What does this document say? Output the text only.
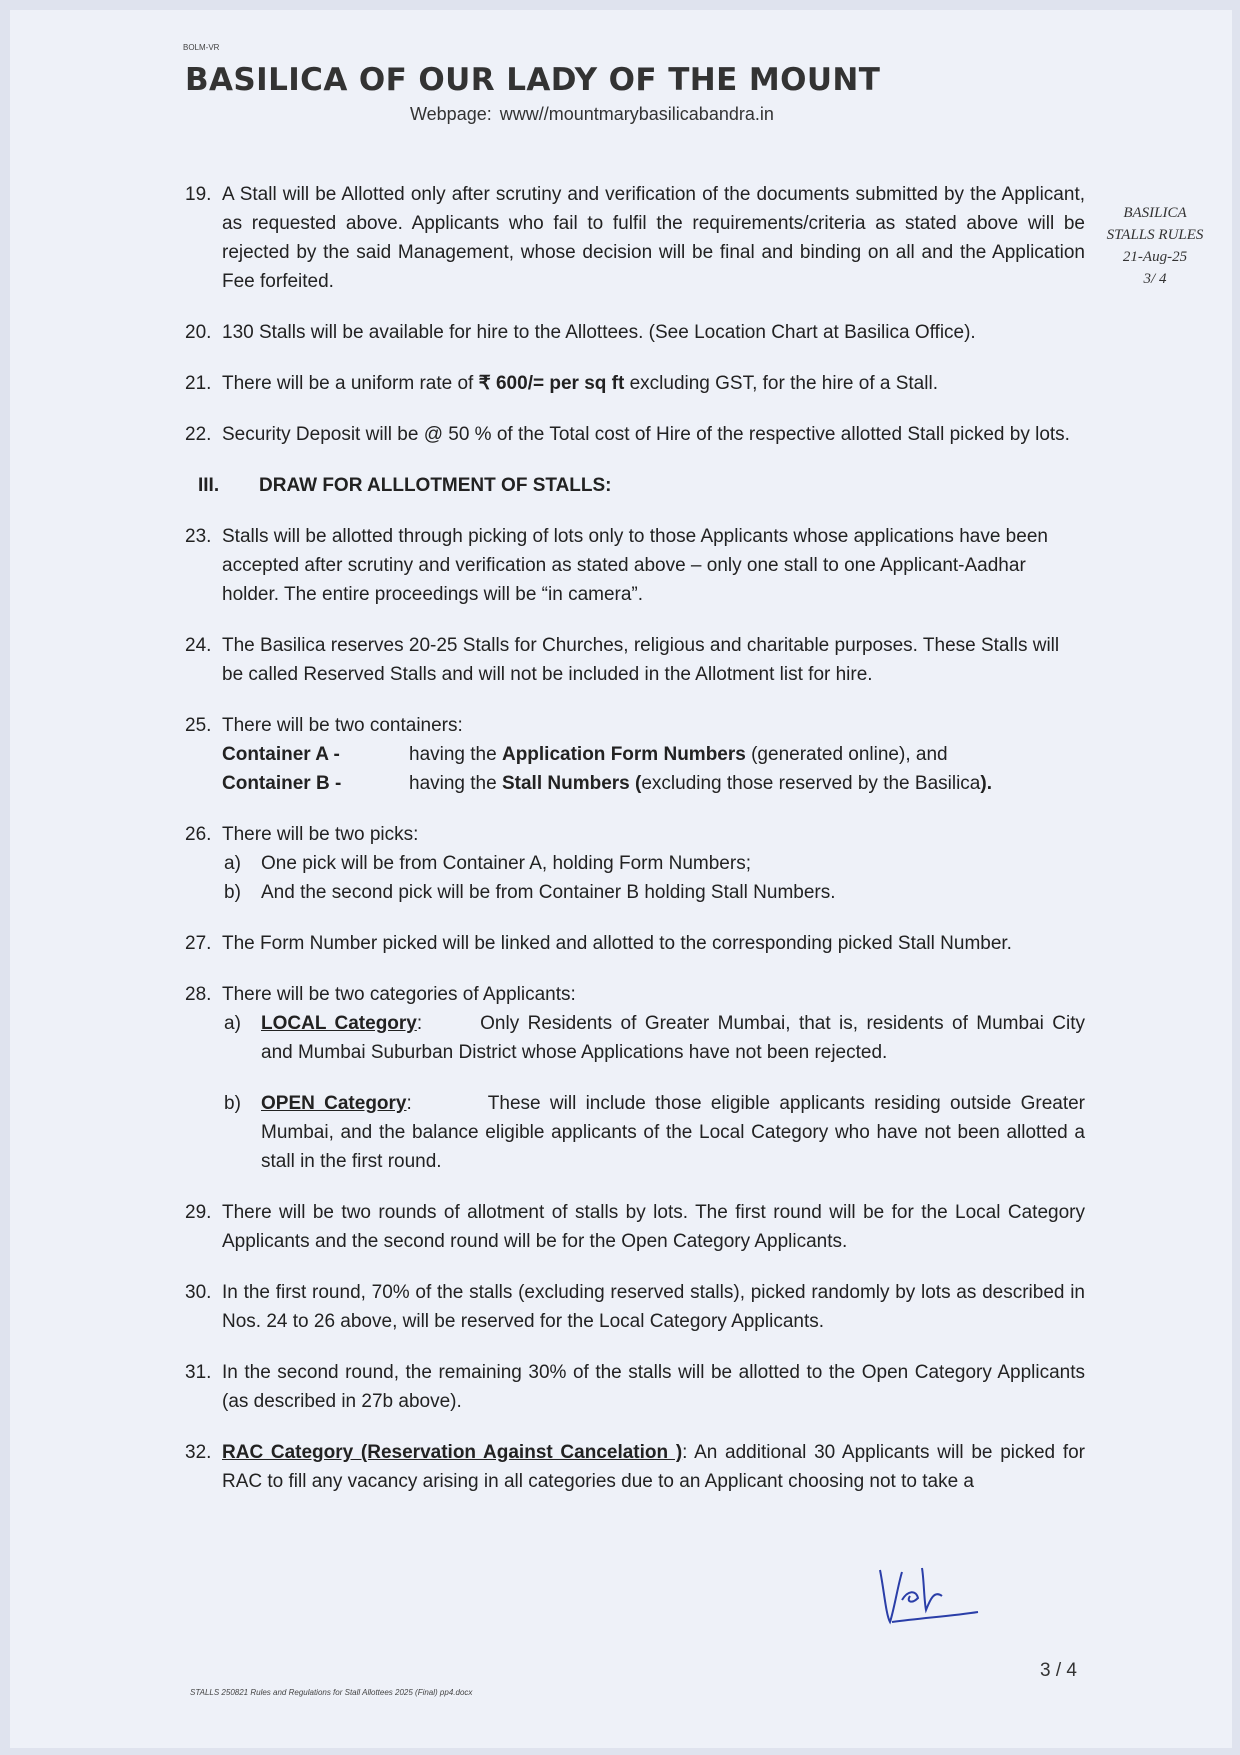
BOLM-VR
BASILICA OF OUR LADY OF THE MOUNT
Webpage: www//mountmarybasilicabandra.in
BASILICA
STALLS RULES
21-Aug-25
3/ 4
19. A Stall will be Allotted only after scrutiny and verification of the documents submitted by the Applicant, as requested above. Applicants who fail to fulfil the requirements/criteria as stated above will be rejected by the said Management, whose decision will be final and binding on all and the Application Fee forfeited.
20. 130 Stalls will be available for hire to the Allottees. (See Location Chart at Basilica Office).
21. There will be a uniform rate of ₹ 600/= per sq ft excluding GST, for the hire of a Stall.
22. Security Deposit will be @ 50 % of the Total cost of Hire of the respective allotted Stall picked by lots.
III. DRAW FOR ALLLOTMENT OF STALLS:
23. Stalls will be allotted through picking of lots only to those Applicants whose applications have been accepted after scrutiny and verification as stated above – only one stall to one Applicant-Aadhar holder. The entire proceedings will be “in camera”.
24. The Basilica reserves 20-25 Stalls for Churches, religious and charitable purposes. These Stalls will be called Reserved Stalls and will not be included in the Allotment list for hire.
25. There will be two containers:
Container A -	having the Application Form Numbers (generated online), and
Container B -	having the Stall Numbers (excluding those reserved by the Basilica).
26. There will be two picks:
a) One pick will be from Container A, holding Form Numbers;
b) And the second pick will be from Container B holding Stall Numbers.
27. The Form Number picked will be linked and allotted to the corresponding picked Stall Number.
28. There will be two categories of Applicants:
a) LOCAL Category:	Only Residents of Greater Mumbai, that is, residents of Mumbai City and Mumbai Suburban District whose Applications have not been rejected.
b) OPEN Category:	These will include those eligible applicants residing outside Greater Mumbai, and the balance eligible applicants of the Local Category who have not been allotted a stall in the first round.
29. There will be two rounds of allotment of stalls by lots. The first round will be for the Local Category Applicants and the second round will be for the Open Category Applicants.
30. In the first round, 70% of the stalls (excluding reserved stalls), picked randomly by lots as described in Nos. 24 to 26 above, will be reserved for the Local Category Applicants.
31. In the second round, the remaining 30% of the stalls will be allotted to the Open Category Applicants (as described in 27b above).
32. RAC Category (Reservation Against Cancelation ): An additional 30 Applicants will be picked for RAC to fill any vacancy arising in all categories due to an Applicant choosing not to take a
3 / 4
STALLS 250821 Rules and Regulations for Stall Allottees 2025 (Final) pp4.docx
